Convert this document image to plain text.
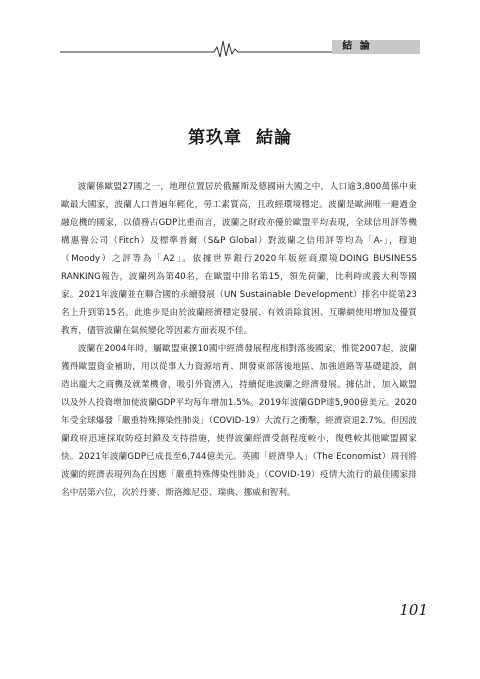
結 論
第玖章 結論

波蘭係歐盟27國之一，地理位置居於俄羅斯及德國兩大國之中，人口逾3,800萬係中東歐最大國家，波蘭人口普遍年輕化，勞工素質高，且政經環境穩定。波蘭是歐洲唯一避過金融危機的國家，以債務占GDP比重而言，波蘭之財政亦優於歐盟平均表現，全球信用評等機構惠譽公司（Fitch）及標準普爾（S&P Global）對波蘭之信用評等均為「A-」，穆迪（Moody）之評等為「A2」。依據世界銀行2020年版經商環境DOING BUSINESS RANKING報告，波蘭列為第40名，在歐盟中排名第15，領先荷蘭，比利時或義大利等國家。2021年波蘭並在聯合國的永續發展（UN Sustainable Development）排名中從第23名上升到第15名。此進步是由於波蘭經濟穩定發展、有效消除貧困、互聯網使用增加及優質教育，儘管波蘭在氣候變化等因素方面表現不佳。

波蘭在2004年時，屬歐盟東擴10國中經濟發展程度相對落後國家，惟從2007起，波蘭獲得歐盟資金補助，用以從事人力資源培育、開發東部落後地區、加強道路等基礎建設，創造出龐大之商機及就業機會，吸引外資湧入，持續促進波蘭之經濟發展。據估計，加入歐盟以及外人投資增加使波蘭GDP平均每年增加1.5%。2019年波蘭GDP達5,900億美元。2020年受全球爆發「嚴重特殊傳染性肺炎」（COVID-19）大流行之衝擊，經濟衰退2.7%。但因波蘭政府迅速採取防疫封鎖及支持措施，使得波蘭經濟受創程度較小，復甦較其他歐盟國家快。2021年波蘭GDP已成長至6,744億美元。英國「經濟學人」（The Economist）周刊將波蘭的經濟表現列為在因應「嚴重特殊傳染性肺炎」（COVID-19）疫情大流行的最佳國家排名中居第六位，次於丹麥、斯洛維尼亞、瑞典、挪威和智利。

101
